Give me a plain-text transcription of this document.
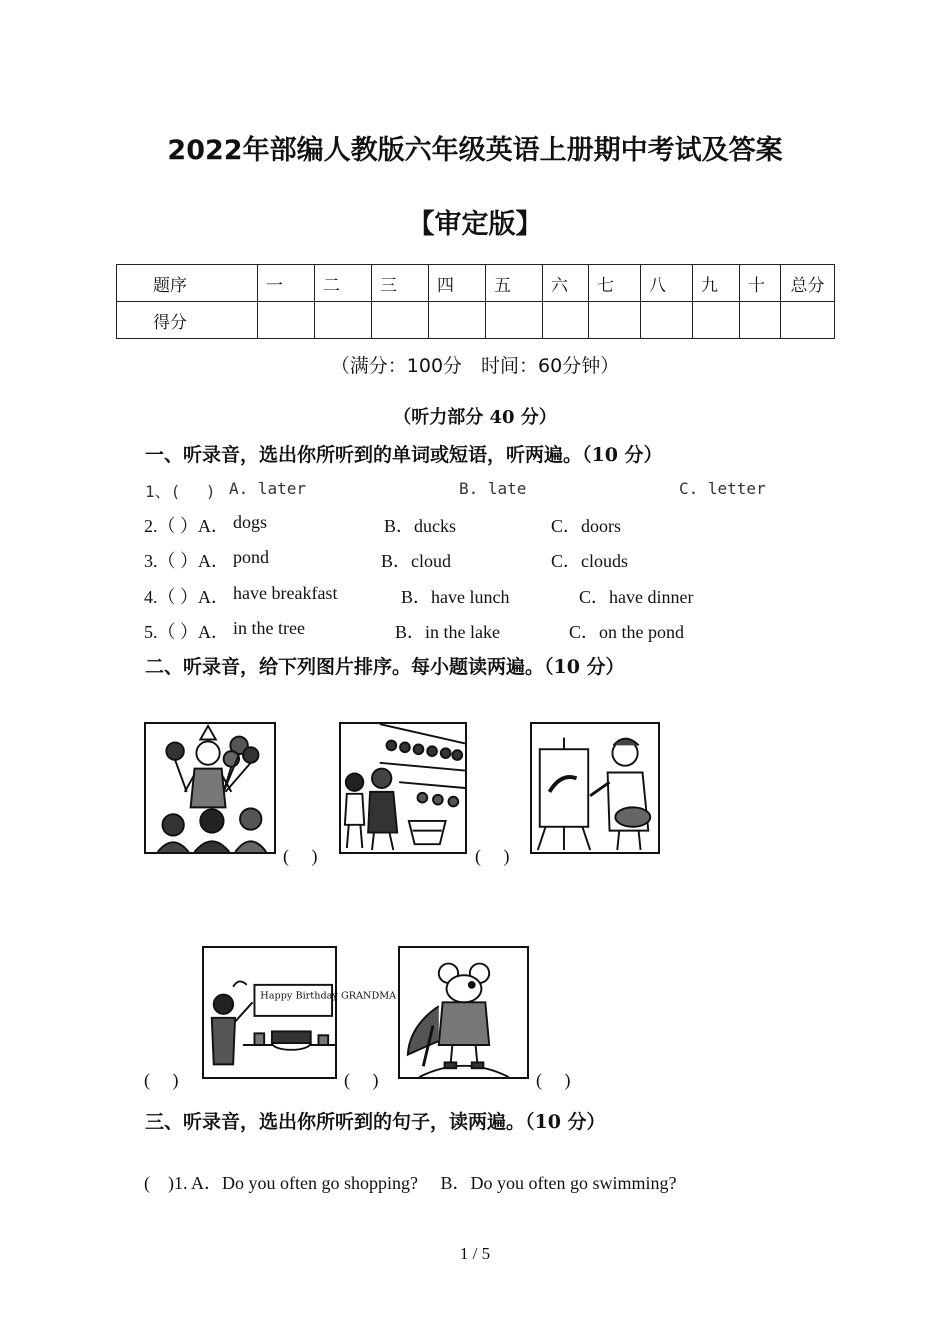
2022年部编人教版六年级英语上册期中考试及答案
【审定版】
题序	一	二	三	四	五	六	七	八	九	十	总分
得分											
（满分：100分　时间：60分钟）
（听力部分 40 分）
一、听录音，选出你所听到的单词或短语，听两遍。（10 分）
1、(　 ) A. later	B. late	C. letter
2.（ ）A． dogs	B．ducks	C．doors
3.（ ）A． pond	B．cloud	C．clouds
4.（ ）A． have breakfast	B．have lunch	C．have dinner
5.（ ）A． in the tree	B．in the lake	C．on the pond
二、听录音，给下列图片排序。每小题读两遍。（10 分）
(　 )	(　 )
(　 )
Happy Birthday GRANDMA
(　 )	(　 )
三、听录音，选出你所听到的句子，读两遍。（10 分）
(　)1. A．Do you often go shopping?　 B．Do you often go swimming?
1 / 5
